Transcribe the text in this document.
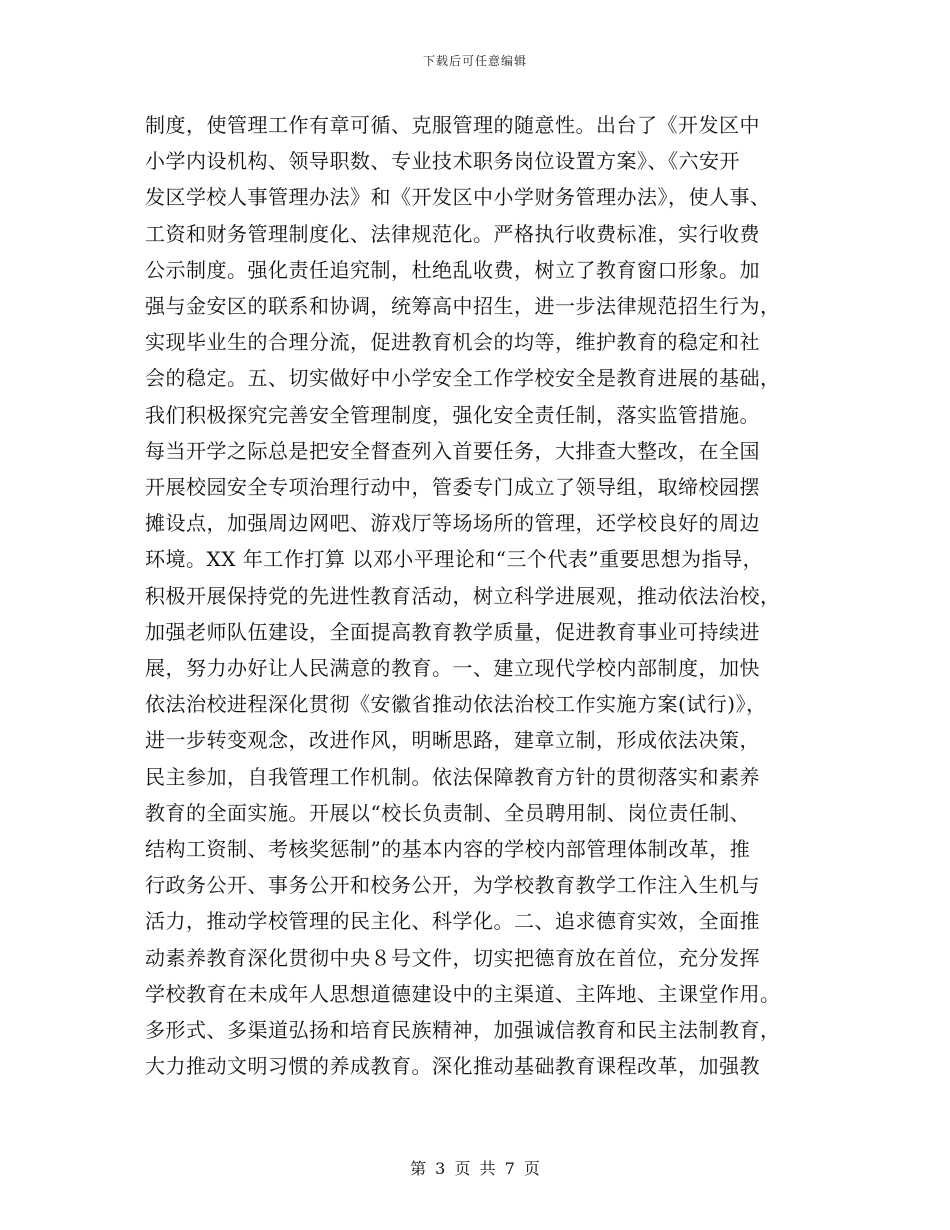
下载后可任意编辑
制度，使管理工作有章可循、克服管理的随意性。出台了《开发区中
小学内设机构、领导职数、专业技术职务岗位设置方案》、《六安开
发区学校人事管理办法》和《开发区中小学财务管理办法》，使人事、
工资和财务管理制度化、法律规范化。严格执行收费标准，实行收费
公示制度。强化责任追究制，杜绝乱收费，树立了教育窗口形象。加
强与金安区的联系和协调，统筹高中招生，进一步法律规范招生行为，
实现毕业生的合理分流，促进教育机会的均等，维护教育的稳定和社
会的稳定。五、切实做好中小学安全工作学校安全是教育进展的基础，
我们积极探究完善安全管理制度，强化安全责任制，落实监管措施。
每当开学之际总是把安全督查列入首要任务，大排查大整改，在全国
开展校园安全专项治理行动中，管委专门成立了领导组，取缔校园摆
摊设点，加强周边网吧、游戏厅等场场所的管理，还学校良好的周边
环境。XX 年工作打算 以邓小平理论和“三个代表”重要思想为指导，
积极开展保持党的先进性教育活动，树立科学进展观，推动依法治校，
加强老师队伍建设，全面提高教育教学质量，促进教育事业可持续进
展，努力办好让人民满意的教育。一、建立现代学校内部制度，加快
依法治校进程深化贯彻《安徽省推动依法治校工作实施方案(试行)》，
进一步转变观念，改进作风，明晰思路，建章立制，形成依法决策，
民主参加，自我管理工作机制。依法保障教育方针的贯彻落实和素养
教育的全面实施。开展以“校长负责制、全员聘用制、岗位责任制、
结构工资制、考核奖惩制”的基本内容的学校内部管理体制改革，推
行政务公开、事务公开和校务公开，为学校教育教学工作注入生机与
活力，推动学校管理的民主化、科学化。二、追求德育实效，全面推
动素养教育深化贯彻中央８号文件，切实把德育放在首位，充分发挥
学校教育在未成年人思想道德建设中的主渠道、主阵地、主课堂作用。
多形式、多渠道弘扬和培育民族精神，加强诚信教育和民主法制教育，
大力推动文明习惯的养成教育。深化推动基础教育课程改革，加强教
第 3 页 共 7 页
